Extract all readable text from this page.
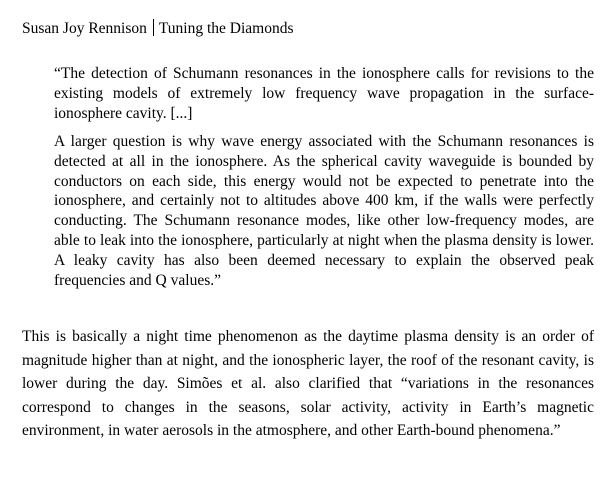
Susan Joy Rennison Tuning the Diamonds

“The detection of Schumann resonances in the ionosphere calls for revisions to the existing models of extremely low frequency wave propagation in the surface-ionosphere cavity. [...]

A larger question is why wave energy associated with the Schumann resonances is detected at all in the ionosphere. As the spherical cavity waveguide is bounded by conductors on each side, this energy would not be expected to penetrate into the ionosphere, and certainly not to altitudes above 400 km, if the walls were perfectly conducting. The Schumann resonance modes, like other low-frequency modes, are able to leak into the ionosphere, particularly at night when the plasma density is lower. A leaky cavity has also been deemed necessary to explain the observed peak frequencies and Q values.”

This is basically a night time phenomenon as the daytime plasma density is an order of magnitude higher than at night, and the ionospheric layer, the roof of the resonant cavity, is lower during the day. Simões et al. also clarified that “variations in the resonances correspond to changes in the seasons, solar activity, activity in Earth’s magnetic environment, in water aerosols in the atmosphere, and other Earth-bound phenomena.”
